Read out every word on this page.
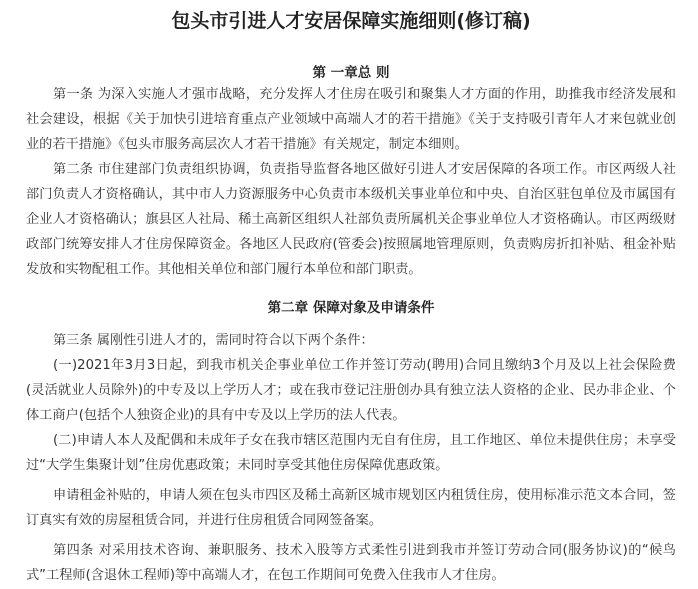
包头市引进人才安居保障实施细则(修订稿)
第 一章总 则

第一条 为深入实施人才强市战略，充分发挥人才住房在吸引和聚集人才方面的作用，助推我市经济发展和社会建设，根据《关于加快引进培育重点产业领域中高端人才的若干措施》《关于支持吸引青年人才来包就业创业的若干措施》《包头市服务高层次人才若干措施》有关规定，制定本细则。

第二条 市住建部门负责组织协调，负责指导监督各地区做好引进人才安居保障的各项工作。市区两级人社部门负责人才资格确认，其中市人力资源服务中心负责市本级机关事业单位和中央、自治区驻包单位及市属国有企业人才资格确认；旗县区人社局、稀土高新区组织人社部负责所属机关企事业单位人才资格确认。市区两级财政部门统筹安排人才住房保障资金。各地区人民政府(管委会)按照属地管理原则，负责购房折扣补贴、租金补贴发放和实物配租工作。其他相关单位和部门履行本单位和部门职责。

第二章 保障对象及申请条件

第三条 属刚性引进人才的，需同时符合以下两个条件：

(一)2021年3月3日起，到我市机关企事业单位工作并签订劳动(聘用)合同且缴纳3个月及以上社会保险费(灵活就业人员除外)的中专及以上学历人才；或在我市登记注册创办具有独立法人资格的企业、民办非企业、个体工商户(包括个人独资企业)的具有中专及以上学历的法人代表。

(二)申请人本人及配偶和未成年子女在我市辖区范围内无自有住房，且工作地区、单位未提供住房；未享受过“大学生集聚计划”住房优惠政策；未同时享受其他住房保障优惠政策。

申请租金补贴的，申请人须在包头市四区及稀土高新区城市规划区内租赁住房，使用标准示范文本合同，签订真实有效的房屋租赁合同，并进行住房租赁合同网签备案。

第四条 对采用技术咨询、兼职服务、技术入股等方式柔性引进到我市并签订劳动合同(服务协议)的“候鸟式”工程师(含退休工程师)等中高端人才，在包工作期间可免费入住我市人才住房。
